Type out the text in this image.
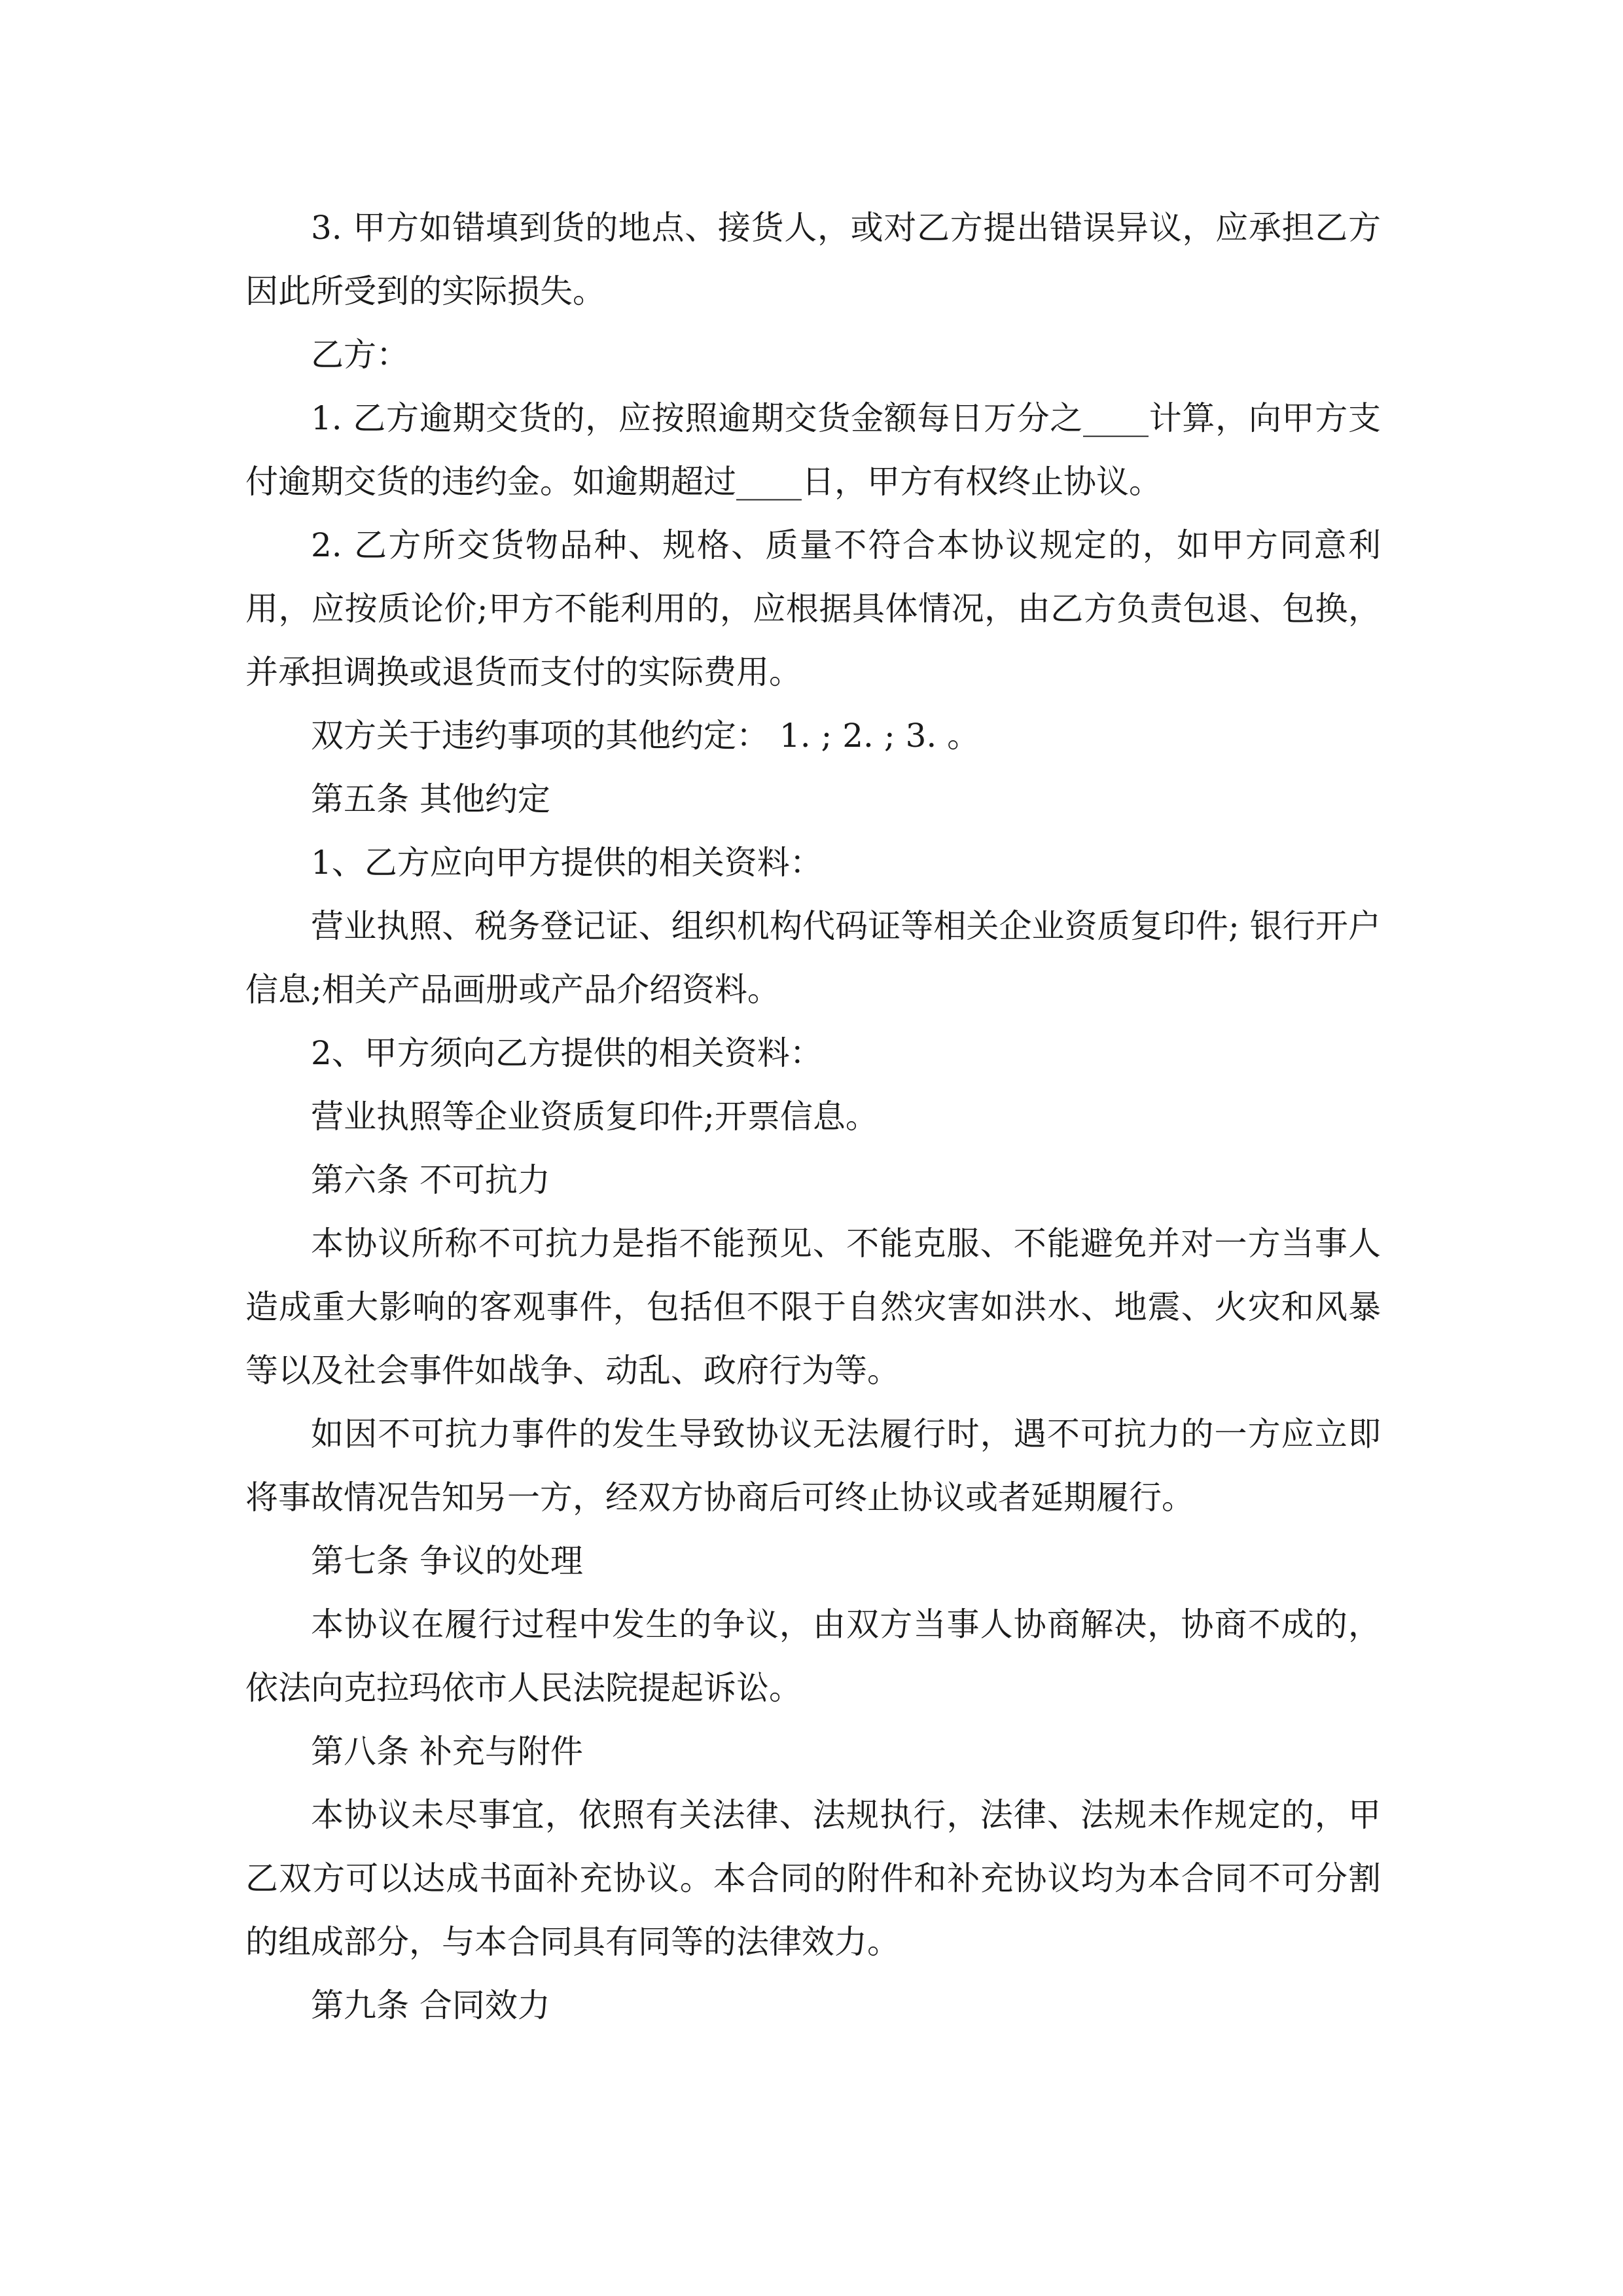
3. 甲方如错填到货的地点、接货人，或对乙方提出错误异议，应承担乙方因此所受到的实际损失。

乙方：

1. 乙方逾期交货的，应按照逾期交货金额每日万分之____计算，向甲方支付逾期交货的违约金。如逾期超过____日，甲方有权终止协议。

2. 乙方所交货物品种、规格、质量不符合本协议规定的，如甲方同意利用，应按质论价;甲方不能利用的，应根据具体情况，由乙方负责包退、包换，并承担调换或退货而支付的实际费用。

双方关于违约事项的其他约定： 1. ; 2. ; 3. 。

第五条 其他约定

1、乙方应向甲方提供的相关资料：

营业执照、税务登记证、组织机构代码证等相关企业资质复印件; 银行开户信息;相关产品画册或产品介绍资料。

2、甲方须向乙方提供的相关资料：

营业执照等企业资质复印件;开票信息。

第六条 不可抗力

本协议所称不可抗力是指不能预见、不能克服、不能避免并对一方当事人造成重大影响的客观事件，包括但不限于自然灾害如洪水、地震、火灾和风暴等以及社会事件如战争、动乱、政府行为等。

如因不可抗力事件的发生导致协议无法履行时，遇不可抗力的一方应立即将事故情况告知另一方，经双方协商后可终止协议或者延期履行。

第七条 争议的处理

本协议在履行过程中发生的争议，由双方当事人协商解决，协商不成的，依法向克拉玛依市人民法院提起诉讼。

第八条 补充与附件

本协议未尽事宜，依照有关法律、法规执行，法律、法规未作规定的，甲乙双方可以达成书面补充协议。本合同的附件和补充协议均为本合同不可分割的组成部分，与本合同具有同等的法律效力。

第九条 合同效力
